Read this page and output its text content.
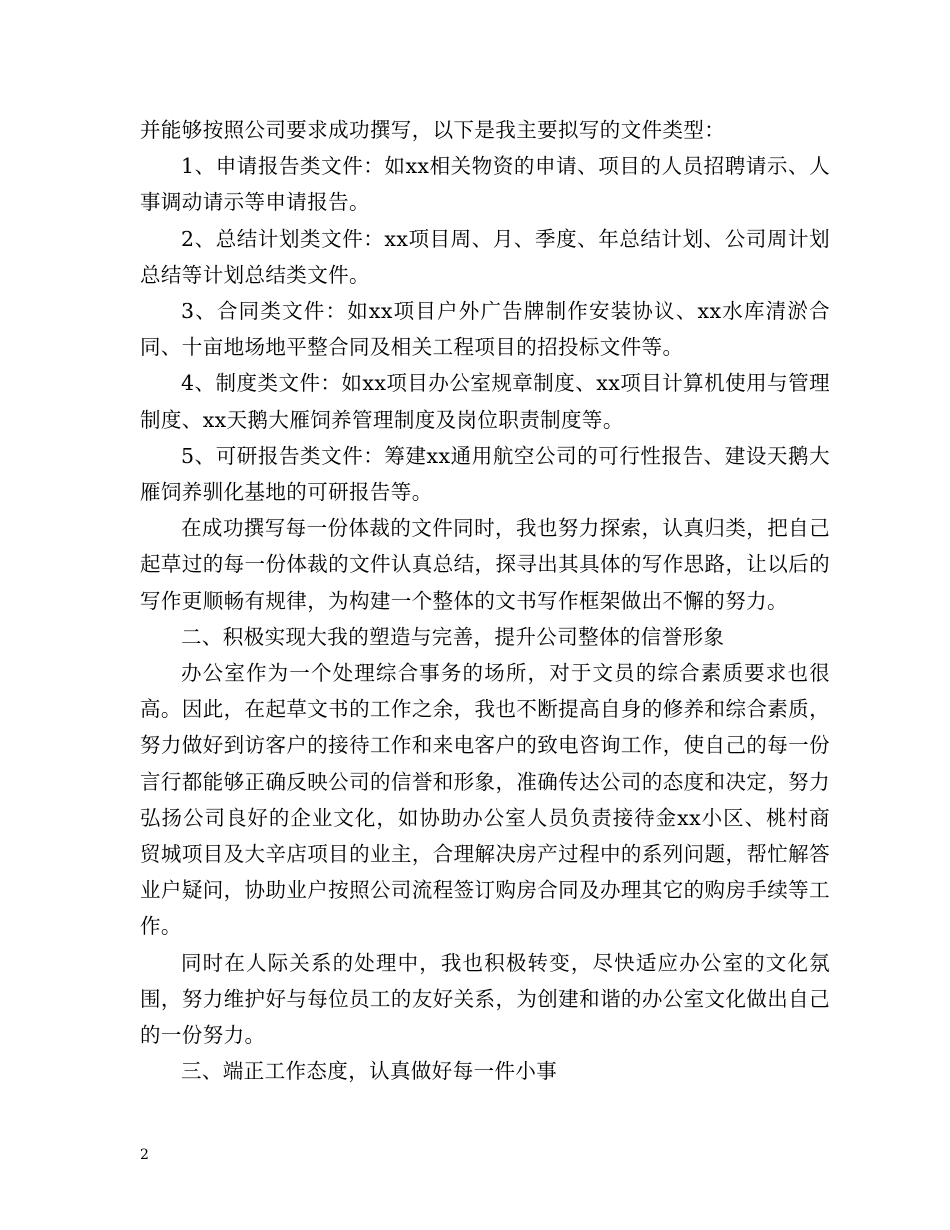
并能够按照公司要求成功撰写，以下是我主要拟写的文件类型：

1、申请报告类文件：如xx相关物资的申请、项目的人员招聘请示、人事调动请示等申请报告。

2、总结计划类文件：xx项目周、月、季度、年总结计划、公司周计划总结等计划总结类文件。

3、合同类文件：如xx项目户外广告牌制作安装协议、xx水库清淤合同、十亩地场地平整合同及相关工程项目的招投标文件等。

4、制度类文件：如xx项目办公室规章制度、xx项目计算机使用与管理制度、xx天鹅大雁饲养管理制度及岗位职责制度等。

5、可研报告类文件：筹建xx通用航空公司的可行性报告、建设天鹅大雁饲养驯化基地的可研报告等。

在成功撰写每一份体裁的文件同时，我也努力探索，认真归类，把自己起草过的每一份体裁的文件认真总结，探寻出其具体的写作思路，让以后的写作更顺畅有规律，为构建一个整体的文书写作框架做出不懈的努力。

二、积极实现大我的塑造与完善，提升公司整体的信誉形象

办公室作为一个处理综合事务的场所，对于文员的综合素质要求也很高。因此，在起草文书的工作之余，我也不断提高自身的修养和综合素质，努力做好到访客户的接待工作和来电客户的致电咨询工作，使自己的每一份言行都能够正确反映公司的信誉和形象，准确传达公司的态度和决定，努力弘扬公司良好的企业文化，如协助办公室人员负责接待金xx小区、桃村商贸城项目及大辛店项目的业主，合理解决房产过程中的系列问题，帮忙解答业户疑问，协助业户按照公司流程签订购房合同及办理其它的购房手续等工作。

同时在人际关系的处理中，我也积极转变，尽快适应办公室的文化氛围，努力维护好与每位员工的友好关系，为创建和谐的办公室文化做出自己的一份努力。

三、端正工作态度，认真做好每一件小事

2
